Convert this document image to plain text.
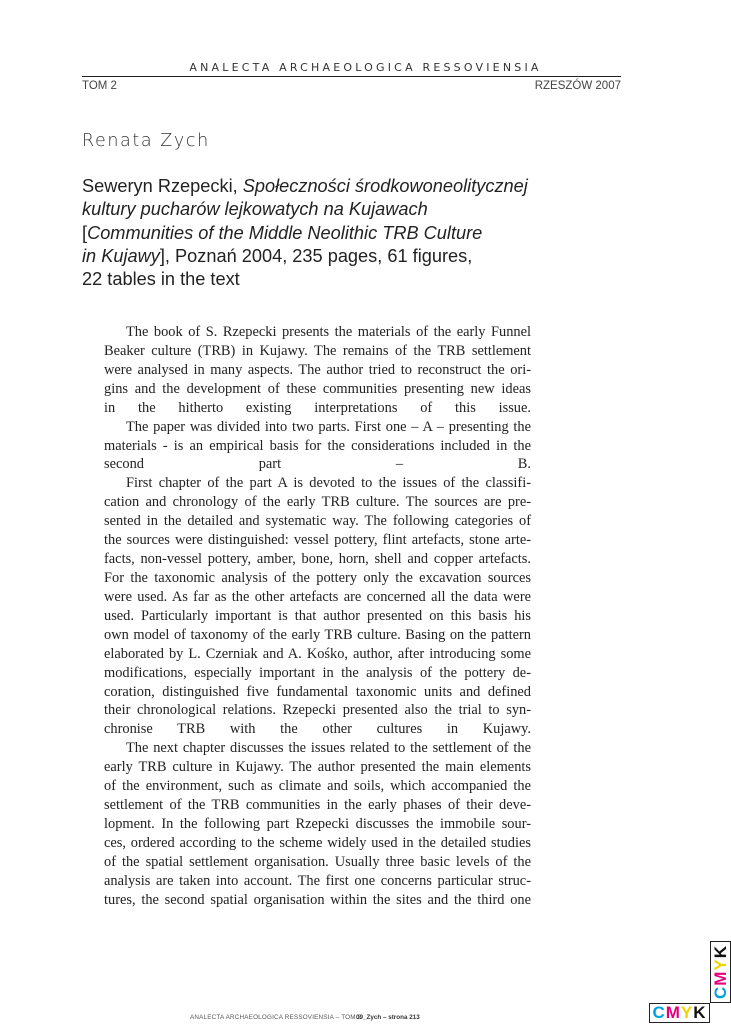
ANALECTA ARCHAEOLOGICA RESSOVIENSIA
TOM 2	RZESZÓW 2007
Renata Zych
Seweryn Rzepecki, Społeczności środkowoneolitycznej
kultury pucharów lejkowatych na Kujawach
[Communities of the Middle Neolithic TRB Culture
in Kujawy], Poznań 2004, 235 pages, 61 figures,
22 tables in the text

The book of S. Rzepecki presents the materials of the early Funnel
Beaker culture (TRB) in Kujawy. The remains of the TRB settlement
were analysed in many aspects. The author tried to reconstruct the ori-
gins and the development of these communities presenting new ideas
in the hitherto existing interpretations of this issue.

The paper was divided into two parts. First one – A – presenting the
materials - is an empirical basis for the considerations included in the
second part – B.

First chapter of the part A is devoted to the issues of the classifi-
cation and chronology of the early TRB culture. The sources are pre-
sented in the detailed and systematic way. The following categories of
the sources were distinguished: vessel pottery, flint artefacts, stone arte-
facts, non-vessel pottery, amber, bone, horn, shell and copper artefacts.
For the taxonomic analysis of the pottery only the excavation sources
were used. As far as the other artefacts are concerned all the data were
used. Particularly important is that author presented on this basis his
own model of taxonomy of the early TRB culture. Basing on the pattern
elaborated by L. Czerniak and A. Kośko, author, after introducing some
modifications, especially important in the analysis of the pottery de-
coration, distinguished five fundamental taxonomic units and defined
their chronological relations. Rzepecki presented also the trial to syn-
chronise TRB with the other cultures in Kujawy.

The next chapter discusses the issues related to the settlement of the
early TRB culture in Kujawy. The author presented the main elements
of the environment, such as climate and soils, which accompanied the
settlement of the TRB communities in the early phases of their deve-
lopment. In the following part Rzepecki discusses the immobile sour-
ces, ordered according to the scheme widely used in the detailed studies
of the spatial settlement organisation. Usually three basic levels of the
analysis are taken into account. The first one concerns particular struc-
tures, the second spatial organisation within the sites and the third one

ANALECTA ARCHAEOLOGICA RESSOVIENSIA – TOM 2
09_Zych – strona 213	C M Y K
CMYK
